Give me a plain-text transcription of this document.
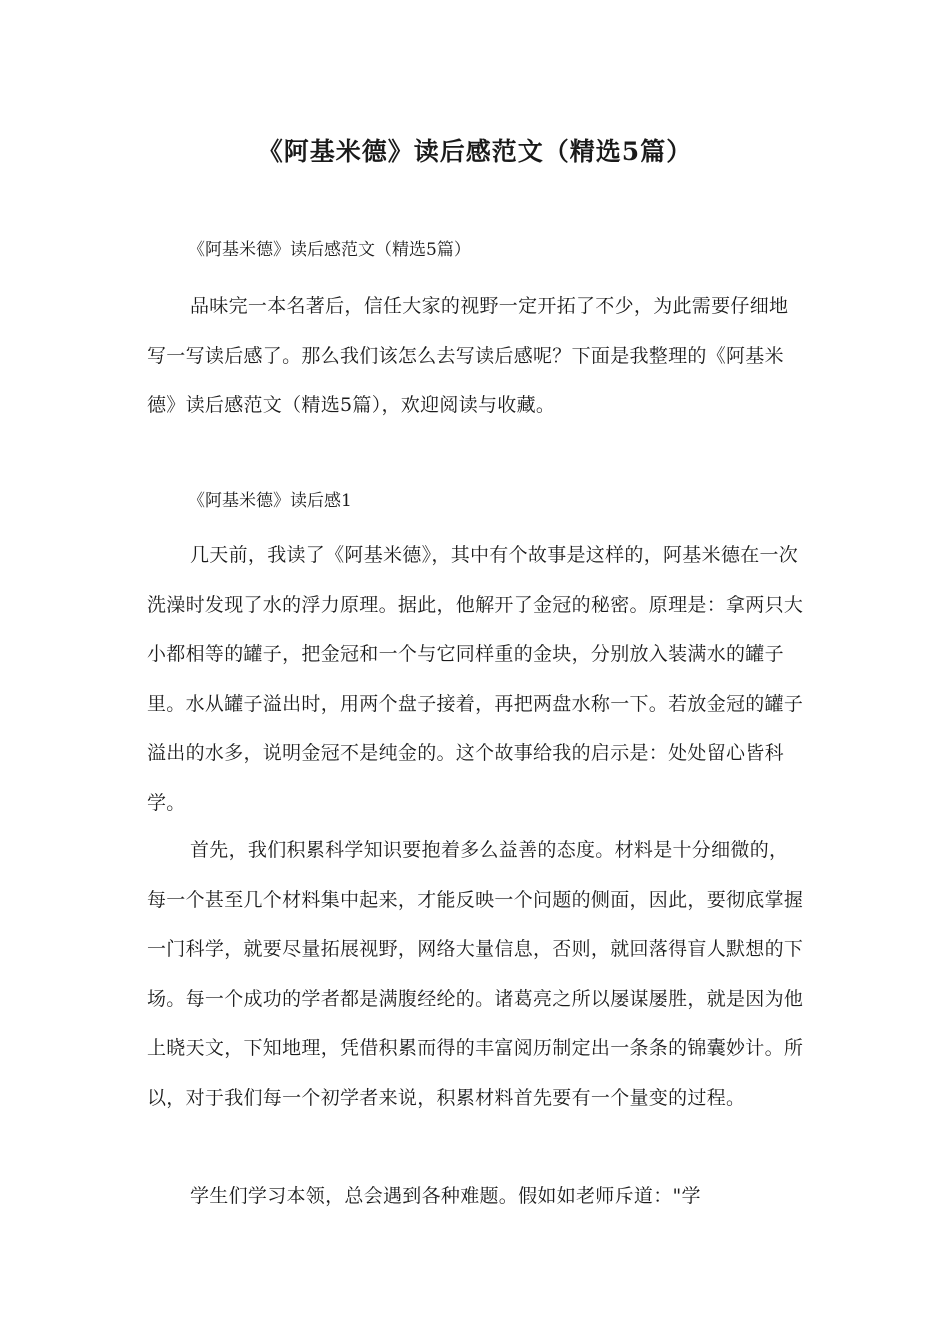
《阿基米德》读后感范文（精选5篇）

《阿基米德》读后感范文（精选5篇）

品味完一本名著后，信任大家的视野一定开拓了不少，为此需要仔细地写一写读后感了。那么我们该怎么去写读后感呢？下面是我整理的《阿基米德》读后感范文（精选5篇），欢迎阅读与收藏。

《阿基米德》读后感1

几天前，我读了《阿基米德》，其中有个故事是这样的，阿基米德在一次洗澡时发现了水的浮力原理。据此，他解开了金冠的秘密。原理是：拿两只大小都相等的罐子，把金冠和一个与它同样重的金块，分别放入装满水的罐子里。水从罐子溢出时，用两个盘子接着，再把两盘水称一下。若放金冠的罐子溢出的水多，说明金冠不是纯金的。这个故事给我的启示是：处处留心皆科学。

首先，我们积累科学知识要抱着多么益善的态度。材料是十分细微的，每一个甚至几个材料集中起来，才能反映一个问题的侧面，因此，要彻底掌握一门科学，就要尽量拓展视野，网络大量信息，否则，就回落得盲人默想的下场。每一个成功的学者都是满腹经纶的。诸葛亮之所以屡谋屡胜，就是因为他上晓天文，下知地理，凭借积累而得的丰富阅历制定出一条条的锦囊妙计。所以，对于我们每一个初学者来说，积累材料首先要有一个量变的过程。

学生们学习本领，总会遇到各种难题。假如如老师斥道："学
